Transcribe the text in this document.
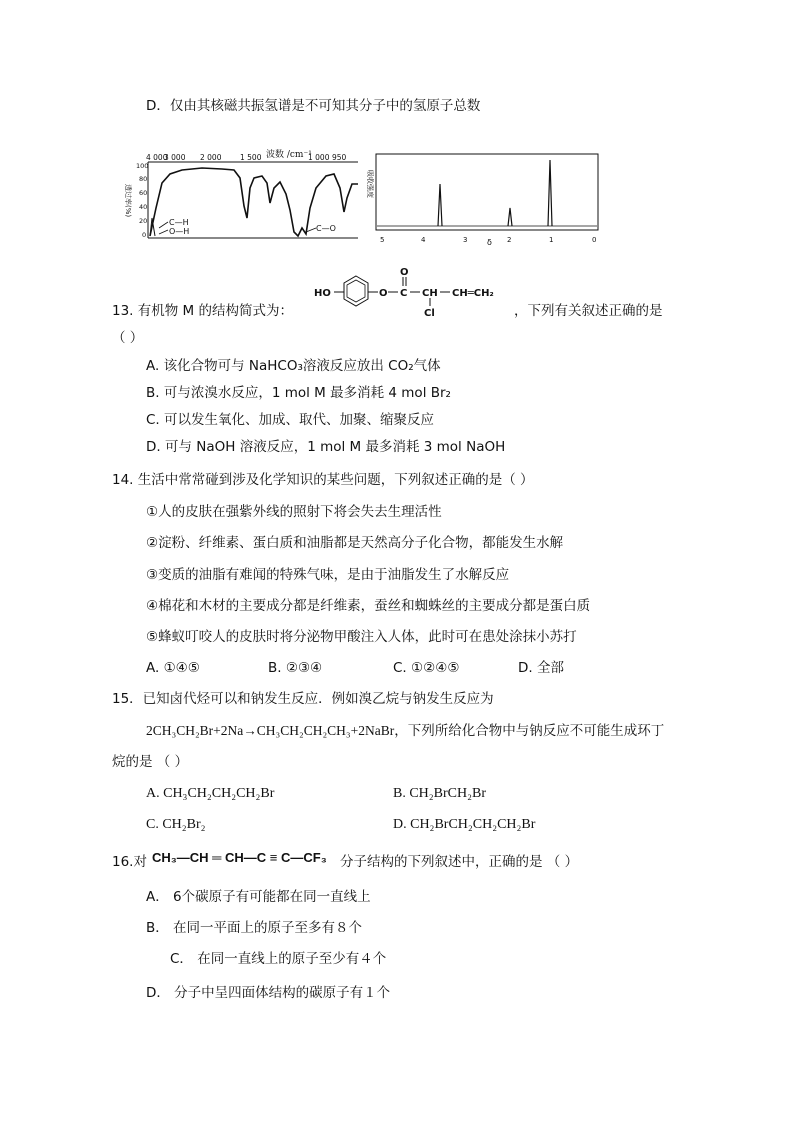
D．仅由其核磁共振氢谱是不可知其分子中的氢原子总数
波数 /cm⁻¹
4 000
3 000 2 000 1 500	1 000 950
透过率(%)
100
80
60
40
20
0
C—H
O—H	C—O
吸收强度
5	4	3 δ 2	1	0
HO	O C
O
CH
Cl
CH═CH₂
13. 有机物 M 的结构简式为：	，下列有关叙述正确的是
（ ）
A. 该化合物可与 NaHCO₃溶液反应放出 CO₂气体
B. 可与浓溴水反应，1 mol M 最多消耗 4 mol Br₂
C. 可以发生氧化、加成、取代、加聚、缩聚反应
D. 可与 NaOH 溶液反应，1 mol M 最多消耗 3 mol NaOH
14. 生活中常常碰到涉及化学知识的某些问题，下列叙述正确的是（ ）
①人的皮肤在强紫外线的照射下将会失去生理活性
②淀粉、纤维素、蛋白质和油脂都是天然高分子化合物，都能发生水解
③变质的油脂有难闻的特殊气味，是由于油脂发生了水解反应
④棉花和木材的主要成分都是纤维素，蚕丝和蜘蛛丝的主要成分都是蛋白质
⑤蜂蚁叮咬人的皮肤时将分泌物甲酸注入人体，此时可在患处涂抹小苏打
A. ①④⑤	B. ②③④	C. ①②④⑤	D. 全部
15．已知卤代烃可以和钠发生反应．例如溴乙烷与钠发生反应为
2CH₃CH₂Br+2Na→CH₃CH₂CH₂CH₃+2NaBr，下列所给化合物中与钠反应不可能生成环丁
烷的是 （ ）
A. CH₃CH₂CH₂CH₂Br	B. CH₂BrCH₂Br
C. CH₂Br₂	D. CH₂BrCH₂CH₂CH₂Br
16.对 CH₃—CH ═ CH—C ≡ C—CF₃ 分子结构的下列叙述中，正确的是 （ ）
A． 6个碳原子有可能都在同一直线上
B． 在同一平面上的原子至多有８个
C． 在同一直线上的原子至少有４个
D． 分子中呈四面体结构的碳原子有１个
